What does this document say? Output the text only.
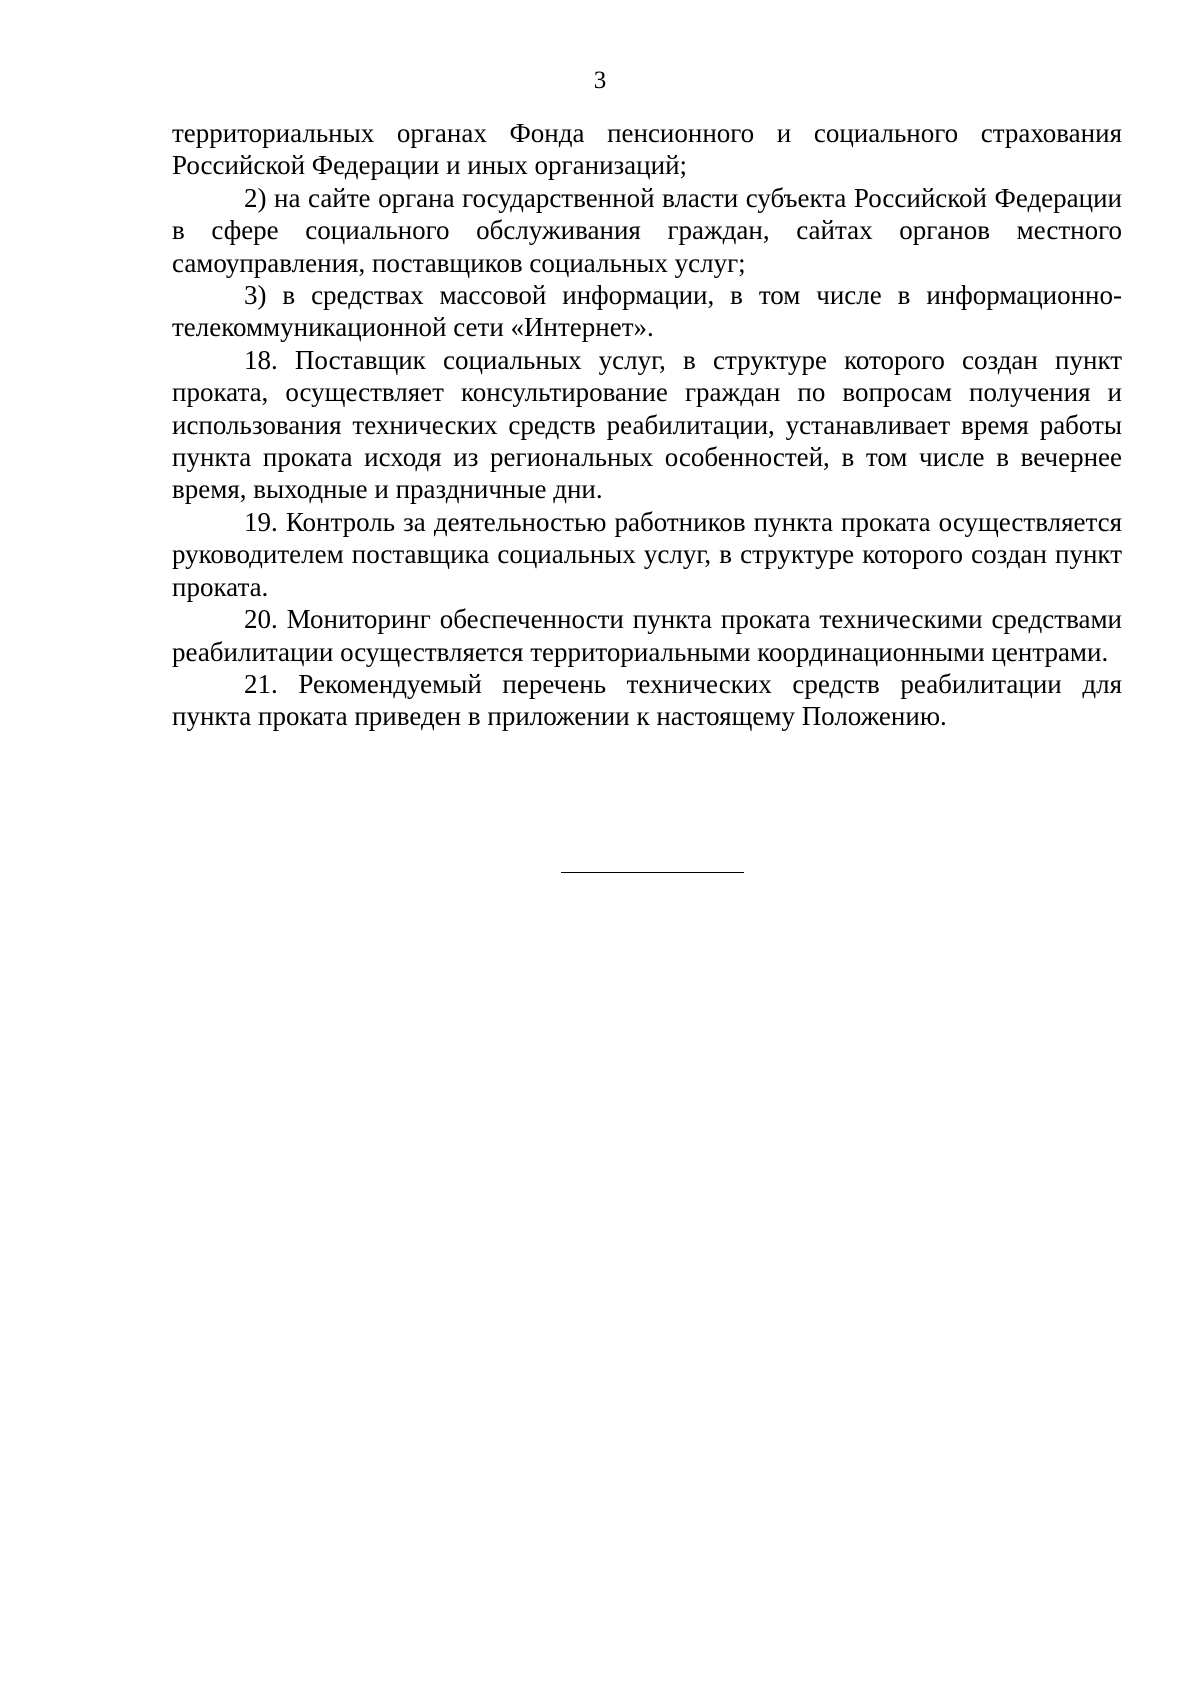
3

территориальных органах Фонда пенсионного и социального страхования Российской Федерации и иных организаций;

2) на сайте органа государственной власти субъекта Российской Федерации в сфере социального обслуживания граждан, сайтах органов местного самоуправления, поставщиков социальных услуг;

3) в средствах массовой информации, в том числе в информационно-телекоммуникационной сети «Интернет».

18. Поставщик социальных услуг, в структуре которого создан пункт проката, осуществляет консультирование граждан по вопросам получения и использования технических средств реабилитации, устанавливает время работы пункта проката исходя из региональных особенностей, в том числе в вечернее время, выходные и праздничные дни.

19. Контроль за деятельностью работников пункта проката осуществляется руководителем поставщика социальных услуг, в структуре которого создан пункт проката.

20. Мониторинг обеспеченности пункта проката техническими средствами реабилитации осуществляется территориальными координационными центрами.

21. Рекомендуемый перечень технических средств реабилитации для пункта проката приведен в приложении к настоящему Положению.
